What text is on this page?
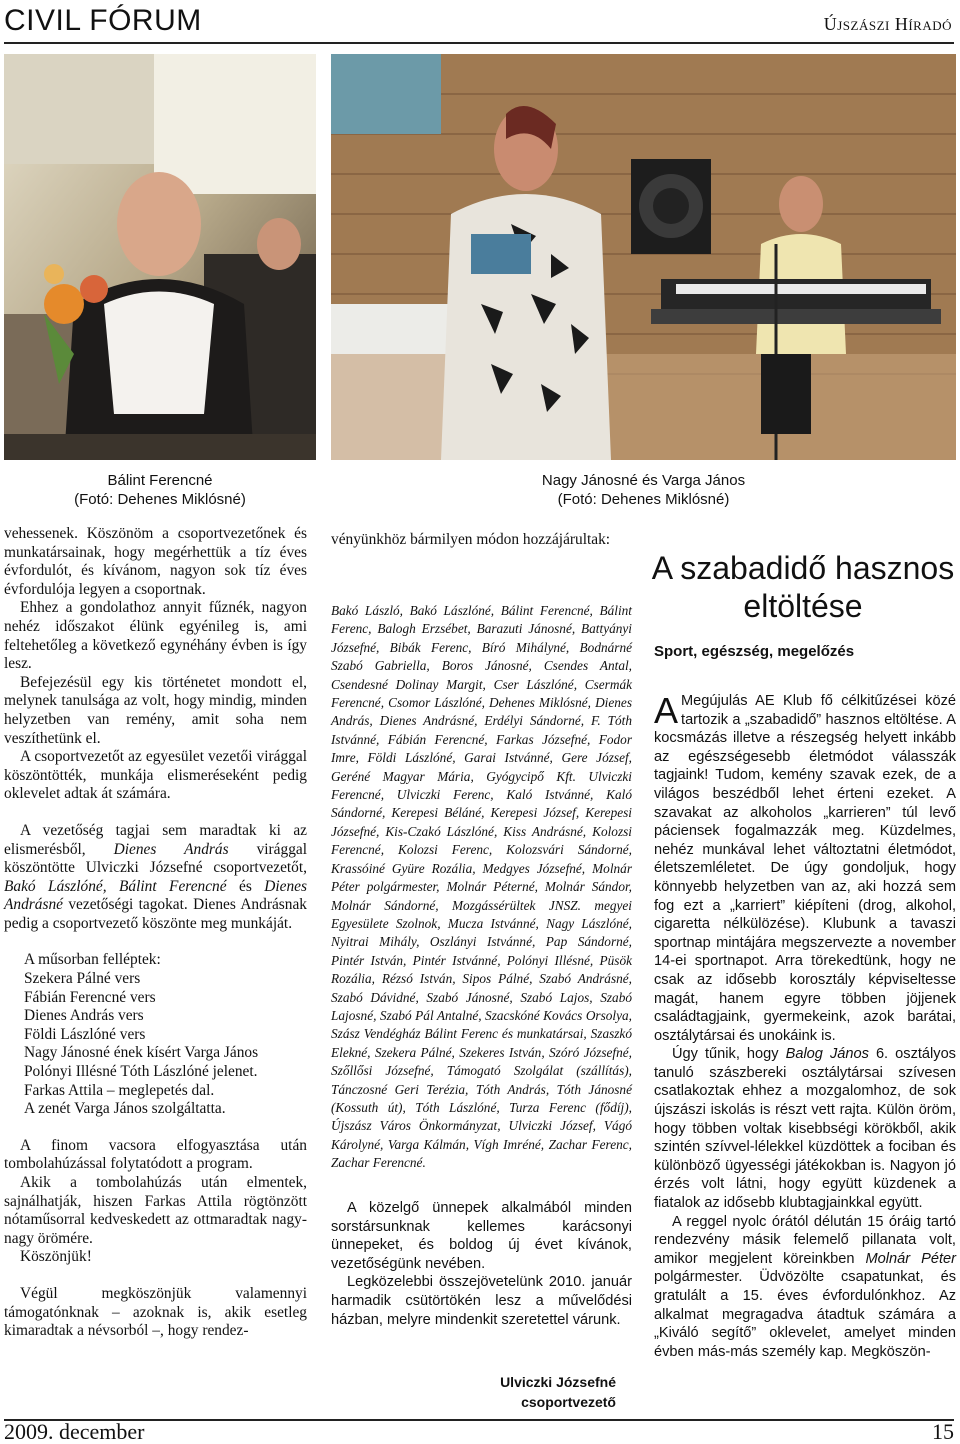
CIVIL FÓRUM	Újszászi Híradó
Bálint Ferencné
(Fotó: Dehenes Miklósné)
Nagy Jánosné és Varga János
(Fotó: Dehenes Miklósné)

vehessenek. Köszönöm a csoportvezetőnek és munkatársainak, hogy megérhettük a tíz éves évfordulót, és kívánom, nagyon sok tíz éves évfordulója legyen a csoportnak.

Ehhez a gondolathoz annyit fűznék, nagyon nehéz időszakot élünk egyénileg is, ami feltehetőleg a következő egynéhány évben is így lesz.

Befejezésül egy kis történetet mondott el, melynek tanulsága az volt, hogy mindig, minden helyzetben van remény, amit soha nem veszíthetünk el.

A csoportvezetőt az egyesület vezetői virággal köszöntötték, munkája elismeréseként pedig oklevelet adtak át számára.

A vezetőség tagjai sem maradtak ki az elismerésből, Dienes András virággal köszöntötte Ulviczki Józsefné csoportvezetőt, Bakó Lászlóné, Bálint Ferencné és Dienes Andrásné vezetőségi tagokat. Dienes Andrásnak pedig a csoportvezető köszönte meg munkáját.

A műsorban felléptek:

Szekera Pálné vers

Fábián Ferencné vers

Dienes András vers

Földi Lászlóné vers

Nagy Jánosné ének kísért Varga János

Polónyi Illésné Tóth Lászlóné jelenet.

Farkas Attila – meglepetés dal.

A zenét Varga János szolgáltatta.

A finom vacsora elfogyasztása után tombolahúzással folytatódott a program.

Akik a tombolahúzás után elmentek, sajnálhatják, hiszen Farkas Attila rögtönzött nótaműsorral kedveskedett az ottmaradtak nagy-nagy örömére.

Köszönjük!

Végül megköszönjük valamennyi támogatónknak – azoknak is, akik esetleg kimaradtak a névsorból –, hogy rendez-

vényünkhöz bármilyen módon hozzájárultak:

Bakó László, Bakó Lászlóné, Bálint Ferencné, Bálint Ferenc, Balogh Erzsébet, Barazuti Jánosné, Battyányi Józsefné, Bibák Ferenc, Bíró Mihályné, Bodnárné Szabó Gabriella, Boros Jánosné, Csendes Antal, Csendesné Dolinay Margit, Cser Lászlóné, Csermák Ferencné, Csomor Lászlóné, Dehenes Miklósné, Dienes András, Dienes Andrásné, Erdélyi Sándorné, F. Tóth Istvánné, Fábián Ferencné, Farkas Józsefné, Fodor Imre, Földi Lászlóné, Garai Istvánné, Gere József, Geréné Magyar Mária, Gyógycipő Kft. Ulviczki Ferencné, Ulviczki Ferenc, Kaló Istvánné, Kaló Sándorné, Kerepesi Béláné, Kerepesi József, Kerepesi Józsefné, Kis-Czakó Lászlóné, Kiss Andrásné, Kolozsi Ferencné, Kolozsi Ferenc, Kolozsvári Sándorné, Krassóiné Gyüre Rozália, Medgyes Józsefné, Molnár Péter polgármester, Molnár Péterné, Molnár Sándor, Molnár Sándorné, Mozgássérültek JNSZ. megyei Egyesülete Szolnok, Mucza Istvánné, Nagy Lászlóné, Nyitrai Mihály, Oszlányi Istvánné, Pap Sándorné, Pintér István, Pintér Istvánné, Polónyi Illésné, Püsök Rozália, Rézsó István, Sipos Pálné, Szabó Andrásné, Szabó Dávidné, Szabó Jánosné, Szabó Lajos, Szabó Lajosné, Szabó Pál Antalné, Szacskóné Kovács Orsolya, Szász Vendégház Bálint Ferenc és munkatársai, Szaszkó Elekné, Szekera Pálné, Szekeres István, Szóró Józsefné, Szőllősi Józsefné, Támogató Szolgálat (szállítás), Tánczosné Geri Terézia, Tóth András, Tóth Jánosné (Kossuth út), Tóth Lászlóné, Turza Ferenc (fődíj), Újszász Város Önkormányzat, Ulviczki József, Vágó Károlyné, Varga Kálmán, Vígh Imréné, Zachar Ferenc, Zachar Ferencné.

A közelgő ünnepek alkalmából minden sorstársunknak kellemes karácsonyi ünnepeket, és boldog új évet kívánok, vezetőségünk nevében.

Legközelebbi összejövetelünk 2010. január harmadik csütörtökén lesz a művelődési házban, melyre mindenkit szeretettel várunk.

Ulviczki Józsefné
csoportvezető
A szabadidő hasznos eltöltése
Sport, egészség, megelőzés

A Megújulás AE Klub fő célkitűzései közé tartozik a „szabadidő” hasznos eltöltése. A kocsmázás illetve a részegség helyett inkább az egészségesebb életmódot válasszák tagjaink! Tudom, kemény szavak ezek, de a világos beszédből lehet érteni ezeket. A szavakat az alkoholos „karrieren” túl levő páciensek fogalmazzák meg. Küzdelmes, nehéz munkával lehet változtatni életmódot, életszemléletet. De úgy gondoljuk, hogy könnyebb helyzetben van az, aki hozzá sem fog ezt a „karriert” kiépíteni (drog, alkohol, cigaretta nélkülözése). Klubunk a tavaszi sportnap mintájára megszervezte a november 14-ei sportnapot. Arra törekedtünk, hogy ne csak az idősebb korosztály képviseltesse magát, hanem egyre többen jöjjenek családtagjaink, gyermekeink, azok barátai, osztálytársai és unokáink is.

Úgy tűnik, hogy Balog János 6. osztályos tanuló szászbereki osztálytársai szívesen csatlakoztak ehhez a mozgalomhoz, de sok újszászi iskolás is részt vett rajta. Külön öröm, hogy többen voltak kisebbségi körökből, akik szintén szívvel-lélekkel küzdöttek a fociban és különböző ügyességi játékokban is. Nagyon jó érzés volt látni, hogy együtt küzdenek a fiatalok az idősebb klubtagjainkkal együtt.

A reggel nyolc órától délután 15 óráig tartó rendezvény másik felemelő pillanata volt, amikor megjelent köreinkben Molnár Péter polgármester. Üdvözölte csapatunkat, és gratulált a 15. éves évfordulónkhoz. Az alkalmat megragadva átadtuk számára a „Kiváló segítő” oklevelet, amelyet minden évben más-más személy kap. Megköszön-

2009. december	15
